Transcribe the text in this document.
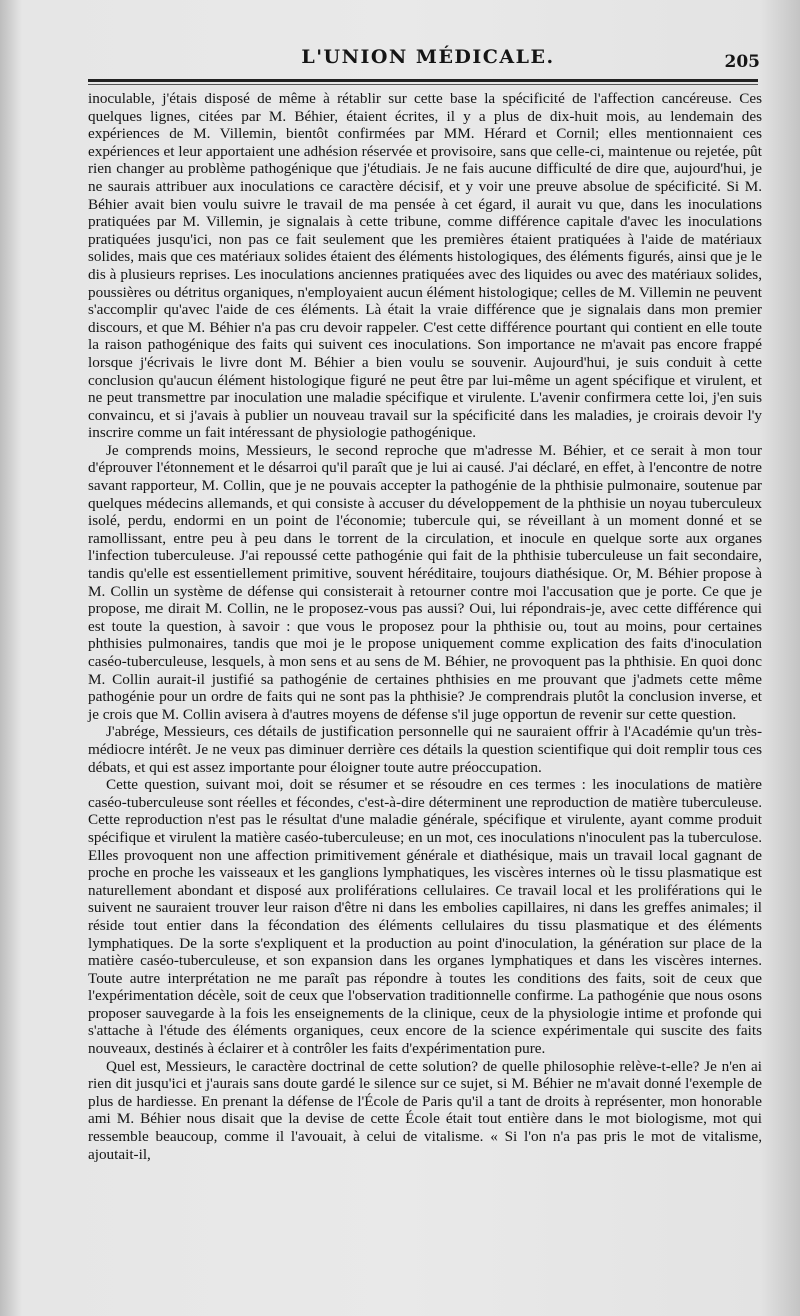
L'UNION MÉDICALE.	205

inoculable, j'étais disposé de même à rétablir sur cette base la spécificité de l'affection cancéreuse. Ces quelques lignes, citées par M. Béhier, étaient écrites, il y a plus de dix-huit mois, au lendemain des expériences de M. Villemin, bientôt confirmées par MM. Hérard et Cornil; elles mentionnaient ces expériences et leur apportaient une adhésion réservée et provisoire, sans que celle-ci, maintenue ou rejetée, pût rien changer au problème pathogénique que j'étudiais. Je ne fais aucune difficulté de dire que, aujourd'hui, je ne saurais attribuer aux inoculations ce caractère décisif, et y voir une preuve absolue de spécificité. Si M. Béhier avait bien voulu suivre le travail de ma pensée à cet égard, il aurait vu que, dans les inoculations pratiquées par M. Villemin, je signalais à cette tribune, comme différence capitale d'avec les inoculations pratiquées jusqu'ici, non pas ce fait seulement que les premières étaient pratiquées à l'aide de matériaux solides, mais que ces matériaux solides étaient des éléments histologiques, des éléments figurés, ainsi que je le dis à plusieurs reprises. Les inoculations anciennes pratiquées avec des liquides ou avec des matériaux solides, poussières ou détritus organiques, n'employaient aucun élément histologique; celles de M. Villemin ne peuvent s'accomplir qu'avec l'aide de ces éléments. Là était la vraie différence que je signalais dans mon premier discours, et que M. Béhier n'a pas cru devoir rappeler. C'est cette différence pourtant qui contient en elle toute la raison pathogénique des faits qui suivent ces inoculations. Son importance ne m'avait pas encore frappé lorsque j'écrivais le livre dont M. Béhier a bien voulu se souvenir. Aujourd'hui, je suis conduit à cette conclusion qu'aucun élément histologique figuré ne peut être par lui-même un agent spécifique et virulent, et ne peut transmettre par inoculation une maladie spécifique et virulente. L'avenir confirmera cette loi, j'en suis convaincu, et si j'avais à publier un nouveau travail sur la spécificité dans les maladies, je croirais devoir l'y inscrire comme un fait intéressant de physiologie pathogénique.

Je comprends moins, Messieurs, le second reproche que m'adresse M. Béhier, et ce serait à mon tour d'éprouver l'étonnement et le désarroi qu'il paraît que je lui ai causé. J'ai déclaré, en effet, à l'encontre de notre savant rapporteur, M. Collin, que je ne pouvais accepter la pathogénie de la phthisie pulmonaire, soutenue par quelques médecins allemands, et qui consiste à accuser du développement de la phthisie un noyau tuberculeux isolé, perdu, endormi en un point de l'économie; tubercule qui, se réveillant à un moment donné et se ramollissant, entre peu à peu dans le torrent de la circulation, et inocule en quelque sorte aux organes l'infection tuberculeuse. J'ai repoussé cette pathogénie qui fait de la phthisie tuberculeuse un fait secondaire, tandis qu'elle est essentiellement primitive, souvent héréditaire, toujours diathésique. Or, M. Béhier propose à M. Collin un système de défense qui consisterait à retourner contre moi l'accusation que je porte. Ce que je propose, me dirait M. Collin, ne le proposez-vous pas aussi? Oui, lui répondrais-je, avec cette différence qui est toute la question, à savoir : que vous le proposez pour la phthisie ou, tout au moins, pour certaines phthisies pulmonaires, tandis que moi je le propose uniquement comme explication des faits d'inoculation caséo-tuberculeuse, lesquels, à mon sens et au sens de M. Béhier, ne provoquent pas la phthisie. En quoi donc M. Collin aurait-il justifié sa pathogénie de certaines phthisies en me prouvant que j'admets cette même pathogénie pour un ordre de faits qui ne sont pas la phthisie? Je comprendrais plutôt la conclusion inverse, et je crois que M. Collin avisera à d'autres moyens de défense s'il juge opportun de revenir sur cette question.

J'abrége, Messieurs, ces détails de justification personnelle qui ne sauraient offrir à l'Académie qu'un très-médiocre intérêt. Je ne veux pas diminuer derrière ces détails la question scientifique qui doit remplir tous ces débats, et qui est assez importante pour éloigner toute autre préoccupation.

Cette question, suivant moi, doit se résumer et se résoudre en ces termes : les inoculations de matière caséo-tuberculeuse sont réelles et fécondes, c'est-à-dire déterminent une reproduction de matière tuberculeuse. Cette reproduction n'est pas le résultat d'une maladie générale, spécifique et virulente, ayant comme produit spécifique et virulent la matière caséo-tuberculeuse; en un mot, ces inoculations n'inoculent pas la tuberculose. Elles provoquent non une affection primitivement générale et diathésique, mais un travail local gagnant de proche en proche les vaisseaux et les ganglions lymphatiques, les viscères internes où le tissu plasmatique est naturellement abondant et disposé aux proliférations cellulaires. Ce travail local et les proliférations qui le suivent ne sauraient trouver leur raison d'être ni dans les embolies capillaires, ni dans les greffes animales; il réside tout entier dans la fécondation des éléments cellulaires du tissu plasmatique et des éléments lymphatiques. De la sorte s'expliquent et la production au point d'inoculation, la génération sur place de la matière caséo-tuberculeuse, et son expansion dans les organes lymphatiques et dans les viscères internes. Toute autre interprétation ne me paraît pas répondre à toutes les conditions des faits, soit de ceux que l'expérimentation décèle, soit de ceux que l'observation traditionnelle confirme. La pathogénie que nous osons proposer sauvegarde à la fois les enseignements de la clinique, ceux de la physiologie intime et profonde qui s'attache à l'étude des éléments organiques, ceux encore de la science expérimentale qui suscite des faits nouveaux, destinés à éclairer et à contrôler les faits d'expérimentation pure.

Quel est, Messieurs, le caractère doctrinal de cette solution? de quelle philosophie relève-t-elle? Je n'en ai rien dit jusqu'ici et j'aurais sans doute gardé le silence sur ce sujet, si M. Béhier ne m'avait donné l'exemple de plus de hardiesse. En prenant la défense de l'École de Paris qu'il a tant de droits à représenter, mon honorable ami M. Béhier nous disait que la devise de cette École était tout entière dans le mot biologisme, mot qui ressemble beaucoup, comme il l'avouait, à celui de vitalisme. « Si l'on n'a pas pris le mot de vitalisme, ajoutait-il,
